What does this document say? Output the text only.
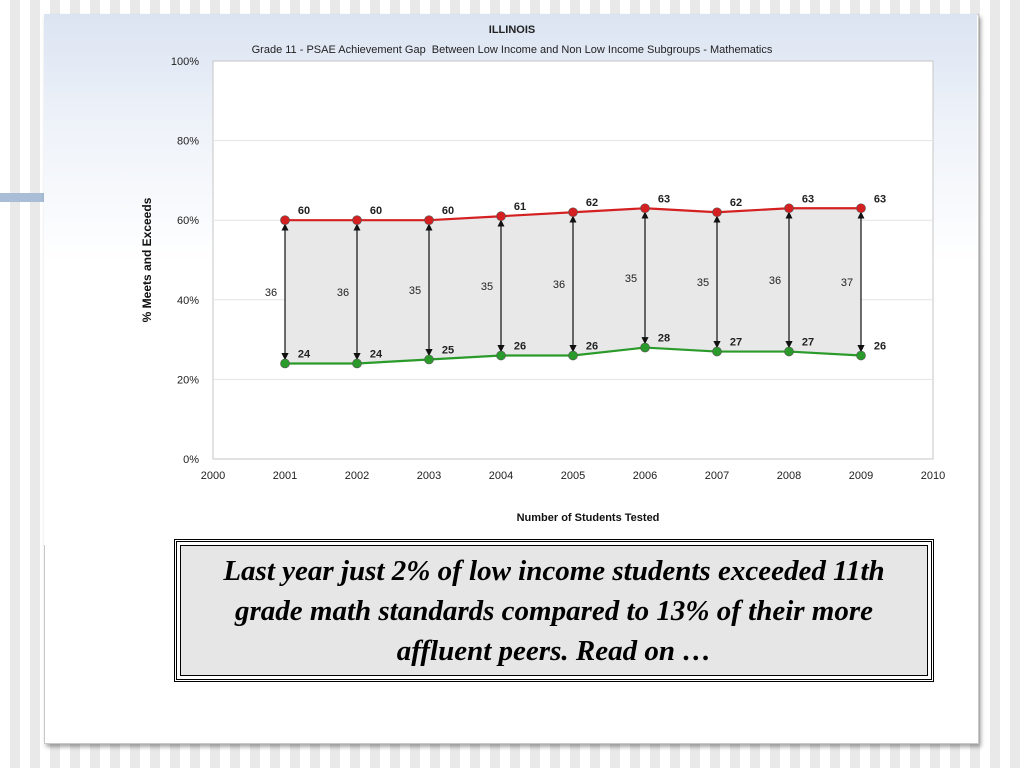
ILLINOIS
Grade 11 - PSAE Achievement Gap  Between Low Income and Non Low Income Subgroups - Mathematics
% Meets and Exceeds
Number of Students Tested
0%
20%
40%
60%
80%
100%
2000	2001	2002	2003	2004	2005	2006	2007	2008	2009	2010
36	36	35	35	36	35	35	36	37
60	60	60	61	62	63	62	63	63
24	24	25	26	26
28	27	27	26
Last year just 2% of low income students exceeded 11th grade math standards compared to 13% of their more affluent peers. Read on …
